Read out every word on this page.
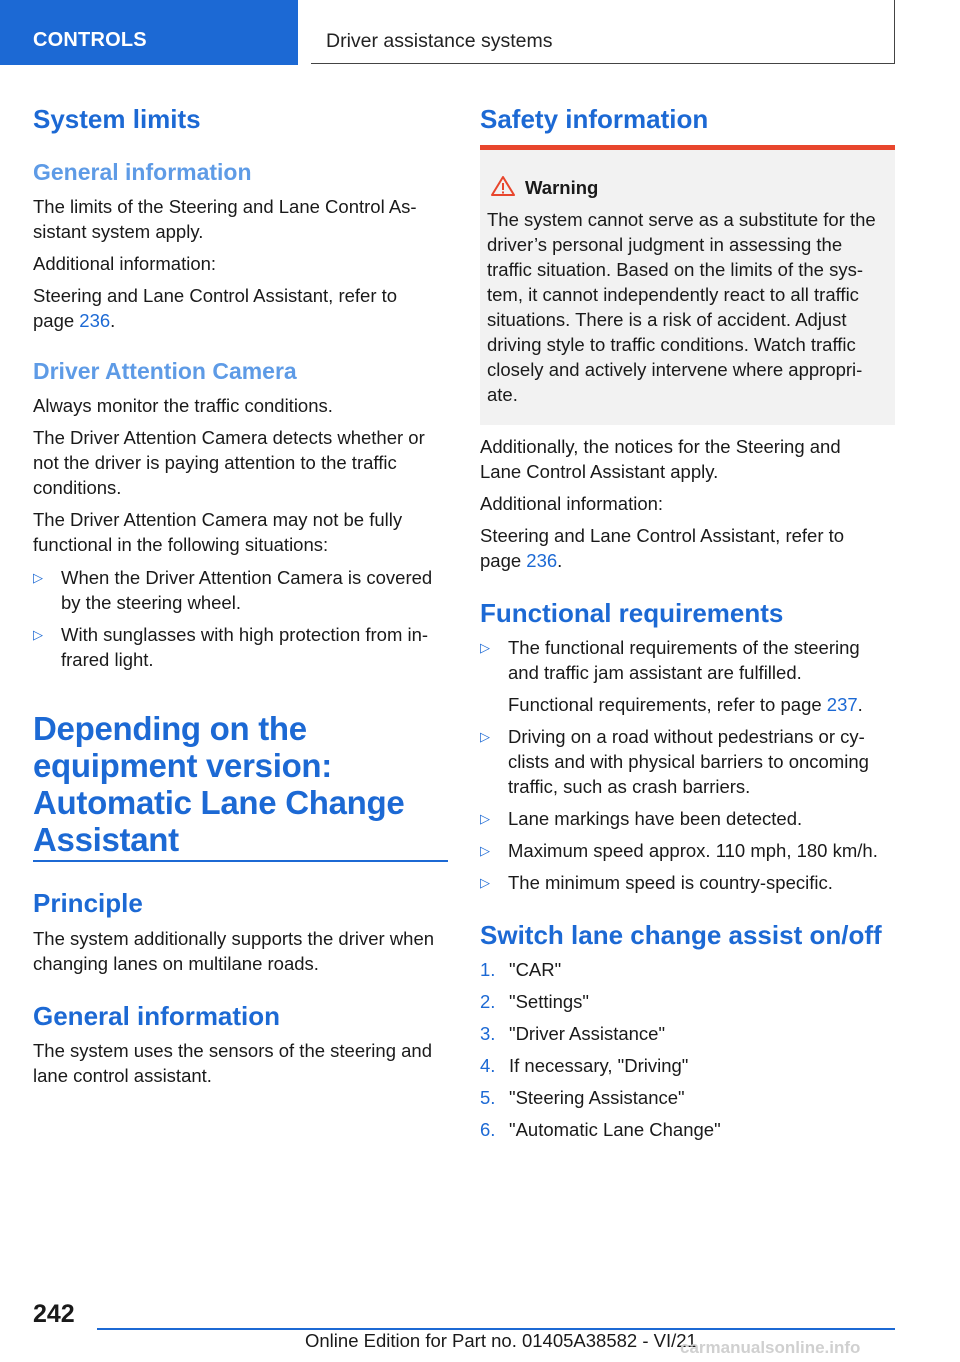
CONTROLS	Driver assistance systems
System limits
General information
The limits of the Steering and Lane Control As‐
sistant system apply.
Additional information:
Steering and Lane Control Assistant, refer to
page 236.
Driver Attention Camera
Always monitor the traffic conditions.
The Driver Attention Camera detects whether or
not the driver is paying attention to the traffic
conditions.
The Driver Attention Camera may not be fully
functional in the following situations:
▷ When the Driver Attention Camera is covered
by the steering wheel.
▷ With sunglasses with high protection from in‐
frared light.
Depending on the
equipment version:
Automatic Lane Change
Assistant
Principle
The system additionally supports the driver when
changing lanes on multilane roads.
General information
The system uses the sensors of the steering and
lane control assistant.
Safety information
Warning
The system cannot serve as a substitute for the
driver’s personal judgment in assessing the
traffic situation. Based on the limits of the sys‐
tem, it cannot independently react to all traffic
situations. There is a risk of accident. Adjust
driving style to traffic conditions. Watch traffic
closely and actively intervene where appropri‐
ate.
Additionally, the notices for the Steering and
Lane Control Assistant apply.
Additional information:
Steering and Lane Control Assistant, refer to
page 236.
Functional requirements
▷ The functional requirements of the steering
and traffic jam assistant are fulfilled.
Functional requirements, refer to page 237.
▷ Driving on a road without pedestrians or cy‐
clists and with physical barriers to oncoming
traffic, such as crash barriers.
▷ Lane markings have been detected.
▷ Maximum speed approx. 110 mph, 180 km/h.
▷ The minimum speed is country-specific.
Switch lane change assist on/off
1. "CAR"
2. "Settings"
3. "Driver Assistance"
4. If necessary, "Driving"
5. "Steering Assistance"
6. "Automatic Lane Change"
242
Online Edition for Part no. 01405A38582 - VI/21
carmanualsonline.info
